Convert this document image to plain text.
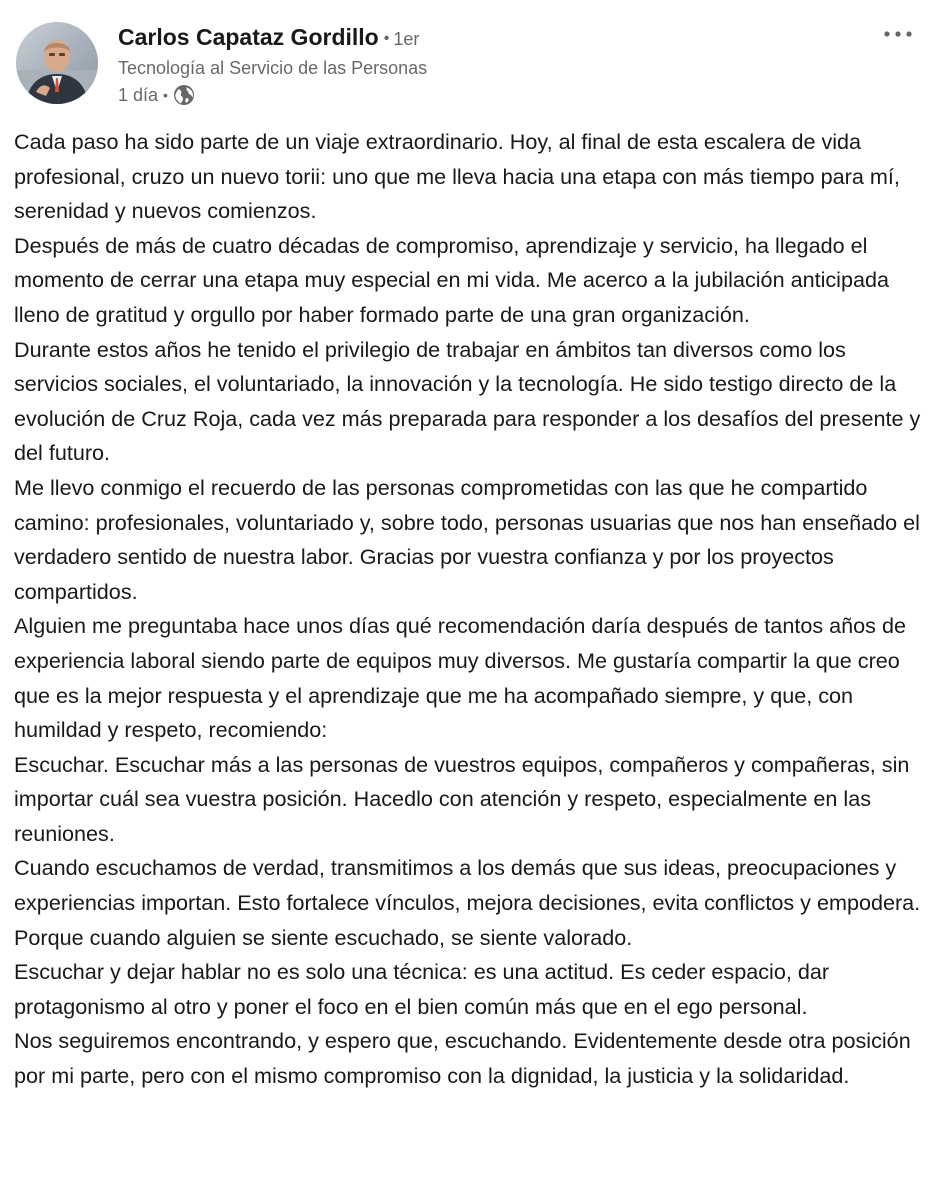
Carlos Capataz Gordillo • 1er
Tecnología al Servicio de las Personas
1 día •

Cada paso ha sido parte de un viaje extraordinario. Hoy, al final de esta escalera de vida profesional, cruzo un nuevo torii: uno que me lleva hacia una etapa con más tiempo para mí, serenidad y nuevos comienzos.

Después de más de cuatro décadas de compromiso, aprendizaje y servicio, ha llegado el momento de cerrar una etapa muy especial en mi vida. Me acerco a la jubilación anticipada lleno de gratitud y orgullo por haber formado parte de una gran organización.

Durante estos años he tenido el privilegio de trabajar en ámbitos tan diversos como los servicios sociales, el voluntariado, la innovación y la tecnología. He sido testigo directo de la evolución de Cruz Roja, cada vez más preparada para responder a los desafíos del presente y del futuro.

Me llevo conmigo el recuerdo de las personas comprometidas con las que he compartido camino: profesionales, voluntariado y, sobre todo, personas usuarias que nos han enseñado el verdadero sentido de nuestra labor. Gracias por vuestra confianza y por los proyectos compartidos.

Alguien me preguntaba hace unos días qué recomendación daría después de tantos años de experiencia laboral siendo parte de equipos muy diversos. Me gustaría compartir la que creo que es la mejor respuesta y el aprendizaje que me ha acompañado siempre, y que, con humildad y respeto, recomiendo:

Escuchar. Escuchar más a las personas de vuestros equipos, compañeros y compañeras, sin importar cuál sea vuestra posición. Hacedlo con atención y respeto, especialmente en las reuniones.

Cuando escuchamos de verdad, transmitimos a los demás que sus ideas, preocupaciones y experiencias importan. Esto fortalece vínculos, mejora decisiones, evita conflictos y empodera. Porque cuando alguien se siente escuchado, se siente valorado.

Escuchar y dejar hablar no es solo una técnica: es una actitud. Es ceder espacio, dar protagonismo al otro y poner el foco en el bien común más que en el ego personal.

Nos seguiremos encontrando, y espero que, escuchando. Evidentemente desde otra posición por mi parte, pero con el mismo compromiso con la dignidad, la justicia y la solidaridad.
